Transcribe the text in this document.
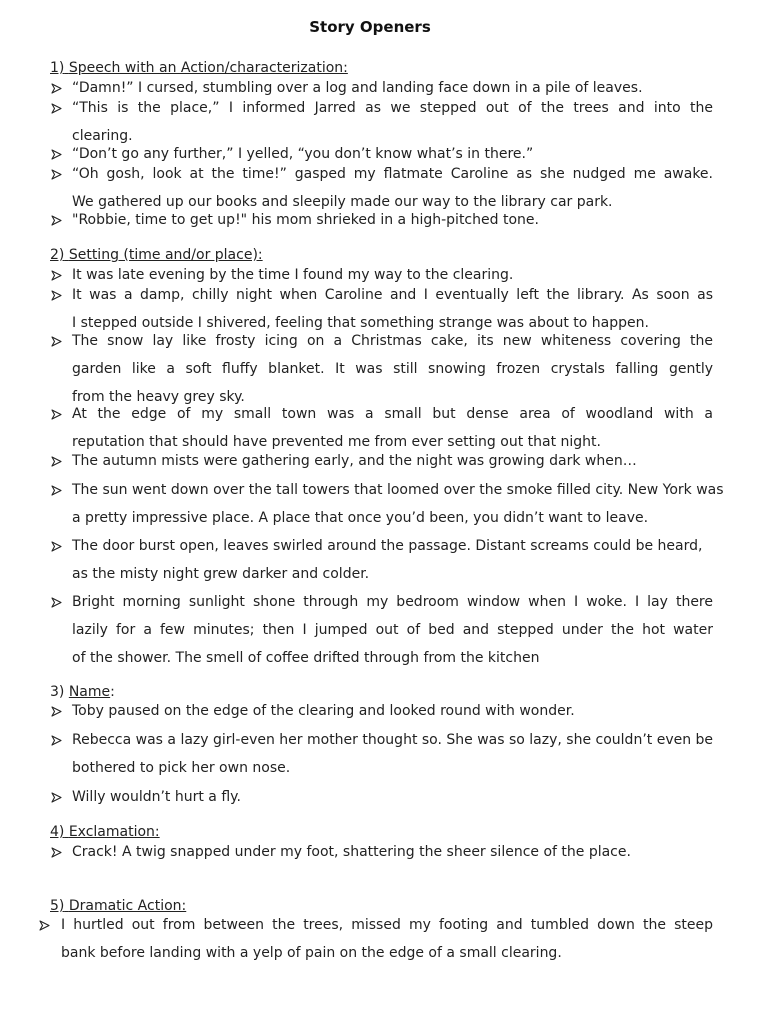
Story Openers
1) Speech with an Action/characterization:
“Damn!” I cursed, stumbling over a log and landing face down in a pile of leaves.
“This is the place,” I informed Jarred as we stepped out of the trees and into the
clearing.
“Don’t go any further,” I yelled, “you don’t know what’s in there.”
“Oh gosh, look at the time!” gasped my flatmate Caroline as she nudged me awake.
We gathered up our books and sleepily made our way to the library car park.
"Robbie, time to get up!" his mom shrieked in a high-pitched tone.
2) Setting (time and/or place):
It was late evening by the time I found my way to the clearing.
It was a damp, chilly night when Caroline and I eventually left the library. As soon as
I stepped outside I shivered, feeling that something strange was about to happen.
The snow lay like frosty icing on a Christmas cake, its new whiteness covering the
garden like a soft fluffy blanket. It was still snowing frozen crystals falling gently
from the heavy grey sky.
At the edge of my small town was a small but dense area of woodland with a
reputation that should have prevented me from ever setting out that night.
The autumn mists were gathering early, and the night was growing dark when…
The sun went down over the tall towers that loomed over the smoke filled city. New York was
a pretty impressive place. A place that once you’d been, you didn’t want to leave.
The door burst open, leaves swirled around the passage. Distant screams could be heard,
as the misty night grew darker and colder.
Bright morning sunlight shone through my bedroom window when I woke. I lay there
lazily for a few minutes; then I jumped out of bed and stepped under the hot water
of the shower. The smell of coffee drifted through from the kitchen
3) Name:
Toby paused on the edge of the clearing and looked round with wonder.
Rebecca was a lazy girl-even her mother thought so. She was so lazy, she couldn’t even be
bothered to pick her own nose.
Willy wouldn’t hurt a fly.
4) Exclamation:
Crack! A twig snapped under my foot, shattering the sheer silence of the place.
5) Dramatic Action:
I hurtled out from between the trees, missed my footing and tumbled down the steep
bank before landing with a yelp of pain on the edge of a small clearing.
